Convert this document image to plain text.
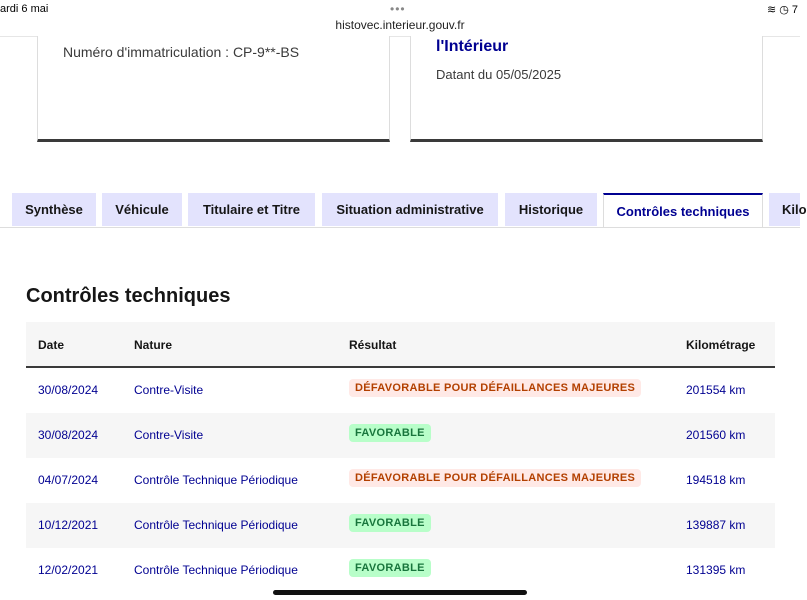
ardi 6 mai	•••
histovec.interieur.gouv.fr
≋ ◷ 7
Numéro d'immatriculation : CP-9**-BS	l'Intérieur
Datant du 05/05/2025
Synthèse	Véhicule	Titulaire et Titre	Situation administrative	Historique	Contrôles techniques	Kilo
Contrôles techniques
Date	Nature	Résultat	Kilométrage
30/08/2024	Contre-Visite	DÉFAVORABLE POUR DÉFAILLANCES MAJEURES	201554 km
30/08/2024	Contre-Visite	FAVORABLE	201560 km
04/07/2024	Contrôle Technique Périodique	DÉFAVORABLE POUR DÉFAILLANCES MAJEURES	194518 km
10/12/2021	Contrôle Technique Périodique	FAVORABLE	139887 km
12/02/2021	Contrôle Technique Périodique	FAVORABLE	131395 km
